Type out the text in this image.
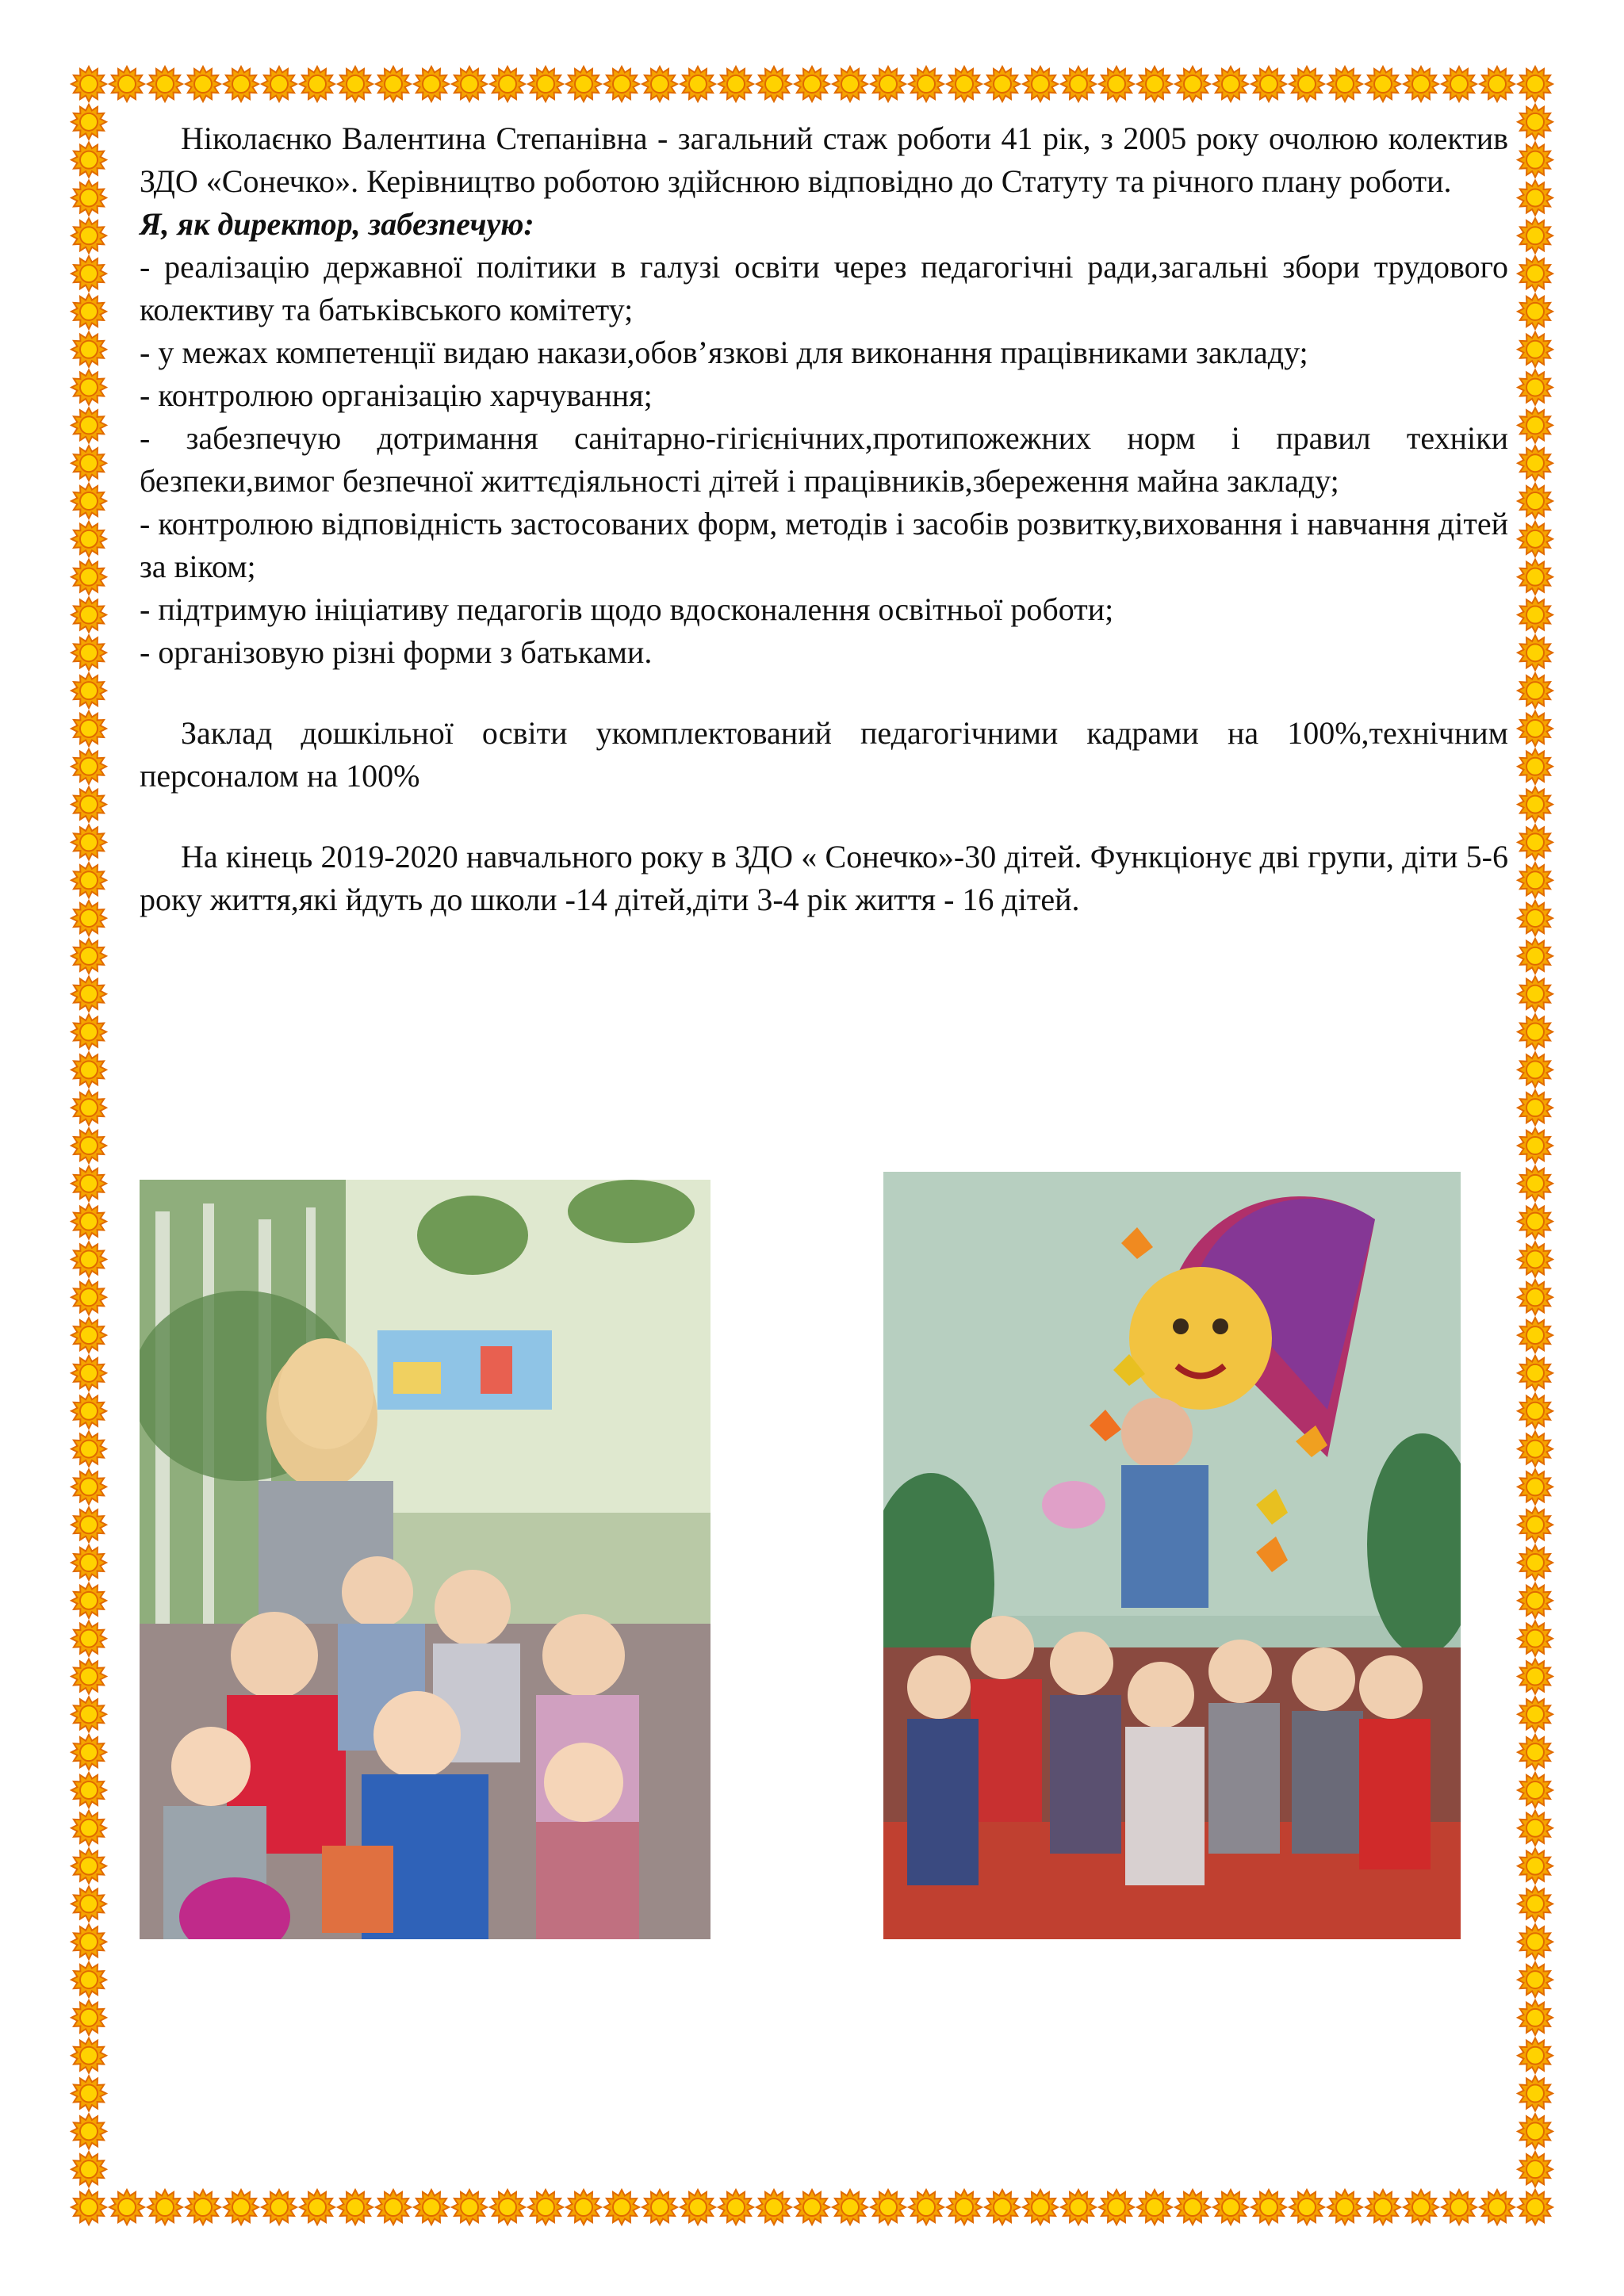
Ніколаєнко Валентина Степанівна - загальний стаж роботи 41 рік, з 2005 року очолюю колектив ЗДО «Сонечко». Керівництво роботою здійснюю відповідно до Статуту та річного плану роботи.

Я, як директор, забезпечую:

- реалізацію державної політики в галузі освіти через педагогічні ради,загальні збори трудового колективу та батьківського комітету;

- у межах компетенції видаю накази,обов’язкові для виконання працівниками закладу;

- контролюю організацію харчування;

- забезпечую дотримання санітарно-гігієнічних,протипожежних норм і правил техніки безпеки,вимог безпечної життєдіяльності дітей і працівників,збереження майна закладу;

- контролюю відповідність застосованих форм, методів і засобів розвитку,виховання і навчання дітей за віком;

- підтримую ініціативу педагогів щодо вдосконалення освітньої роботи;

- організовую різні форми з батьками.

Заклад дошкільної освіти укомплектований педагогічними кадрами на 100%,технічним персоналом на 100%

На кінець 2019-2020 навчального року в ЗДО « Сонечко»-30 дітей. Функціонує дві групи, діти 5-6 року життя,які йдуть до школи -14 дітей,діти 3-4 рік життя - 16 дітей.
